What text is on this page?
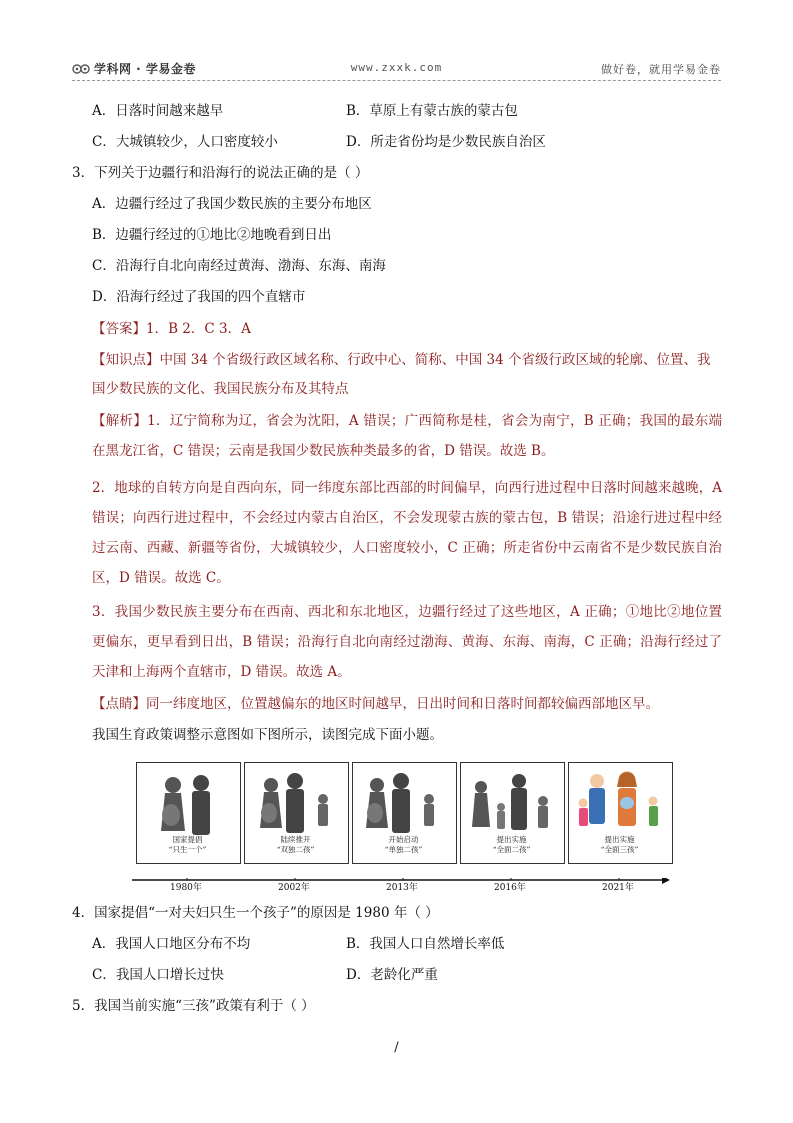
学科网 · 学易金卷	www.zxxk.com	做好卷，就用学易金卷
A．日落时间越来越早	B．草原上有蒙古族的蒙古包
C．大城镇较少，人口密度较小	D．所走省份均是少数民族自治区
3．下列关于边疆行和沿海行的说法正确的是（ ）
A．边疆行经过了我国少数民族的主要分布地区
B．边疆行经过的①地比②地晚看到日出
C．沿海行自北向南经过黄海、渤海、东海、南海
D．沿海行经过了我国的四个直辖市
【答案】1．B 2．C 3．A
【知识点】中国 34 个省级行政区域名称、行政中心、简称、中国 34 个省级行政区域的轮廓、位置、我
国少数民族的文化、我国民族分布及其特点
【解析】1．辽宁简称为辽，省会为沈阳，A 错误；广西简称是桂，省会为南宁，B 正确；我国的最东端在黑龙江省，C 错误；云南是我国少数民族种类最多的省，D 错误。故选 B。
2．地球的自转方向是自西向东，同一纬度东部比西部的时间偏早，向西行进过程中日落时间越来越晚，A 错误；向西行进过程中，不会经过内蒙古自治区，不会发现蒙古族的蒙古包，B 错误；沿途行进过程中经过云南、西藏、新疆等省份，大城镇较少，人口密度较小，C 正确；所走省份中云南省不是少数民族自治区，D 错误。故选 C。
3．我国少数民族主要分布在西南、西北和东北地区，边疆行经过了这些地区，A 正确；①地比②地位置更偏东，更早看到日出，B 错误；沿海行自北向南经过渤海、黄海、东海、南海，C 正确；沿海行经过了天津和上海两个直辖市，D 错误。故选 A。
【点睛】同一纬度地区，位置越偏东的地区时间越早，日出时间和日落时间都较偏西部地区早。
我国生育政策调整示意图如下图所示，读图完成下面小题。
国家提倡
“只生一个”
陆续推开
“双独二孩”
开始启动
“单独二孩”
提出实施
“全面二孩”
提出实施
“全面三孩”
1980年	2002年	2013年	2016年	2021年
4．国家提倡“一对夫妇只生一个孩子”的原因是 1980 年（ ）
A．我国人口地区分布不均	B．我国人口自然增长率低
C．我国人口增长过快	D．老龄化严重
5．我国当前实施“三孩”政策有利于（ ）
/
